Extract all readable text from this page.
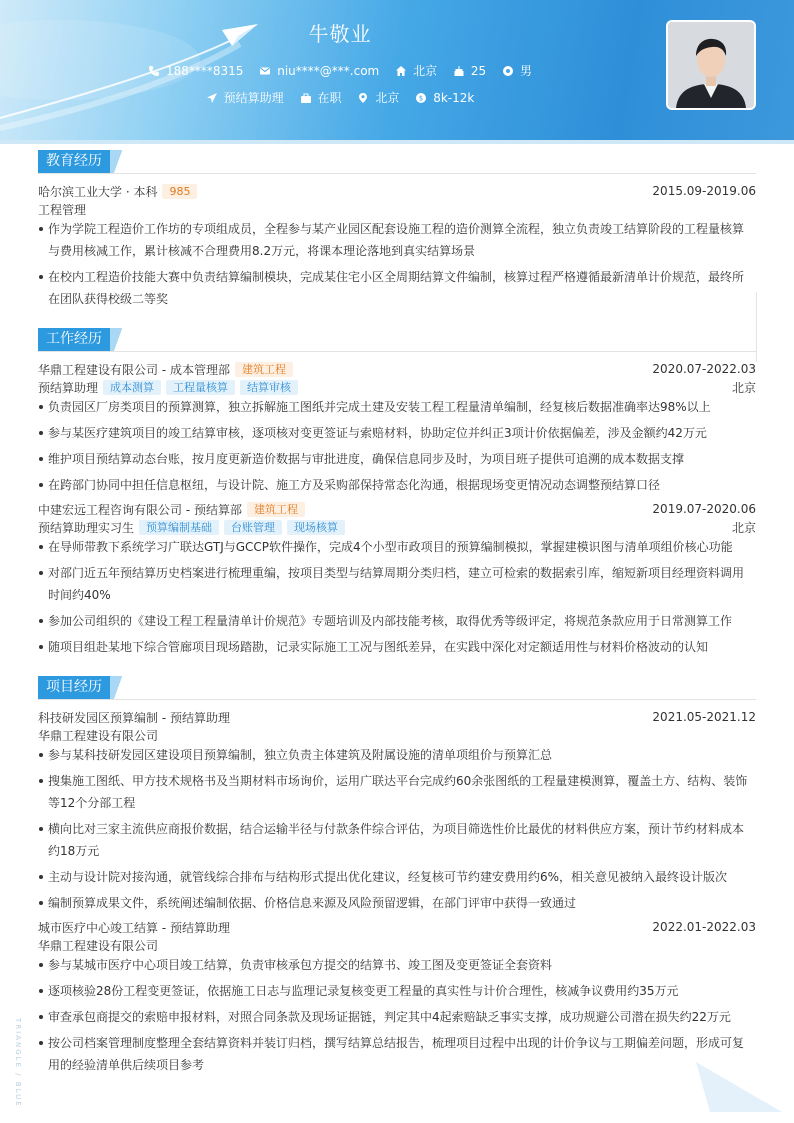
牛敬业
188****8315
	niu****@***.com
	北京
	25
	男
预结算助理
	在职
	北京
	$ 8k-12k
教育经历
哈尔滨工业大学 · 本科	985	2015.09-2019.06
工程管理
作为学院工程造价工作坊的专项组成员，全程参与某产业园区配套设施工程的造价测算全流程，独立负责竣工结算阶段的工程量核算
与费用核减工作，累计核减不合理费用8.2万元，将课本理论落地到真实结算场景
在校内工程造价技能大赛中负责结算编制模块，完成某住宅小区全周期结算文件编制，核算过程严格遵循最新清单计价规范，最终所
在团队获得校级二等奖
工作经历
华鼎工程建设有限公司 - 成本管理部	建筑工程	2020.07-2022.03
预结算助理	成本测算	工程量核算	结算审核	北京
负责园区厂房类项目的预算测算，独立拆解施工图纸并完成土建及安装工程工程量清单编制，经复核后数据准确率达98%以上
参与某医疗建筑项目的竣工结算审核，逐项核对变更签证与索赔材料，协助定位并纠正3项计价依据偏差，涉及金额约42万元
维护项目预结算动态台账，按月度更新造价数据与审批进度，确保信息同步及时，为项目班子提供可追溯的成本数据支撑
在跨部门协同中担任信息枢纽，与设计院、施工方及采购部保持常态化沟通，根据现场变更情况动态调整预结算口径
中建宏远工程咨询有限公司 - 预结算部	建筑工程	2019.07-2020.06
预结算助理实习生	预算编制基础	台账管理	现场核算	北京
在导师带教下系统学习广联达GTJ与GCCP软件操作，完成4个小型市政项目的预算编制模拟，掌握建模识图与清单项组价核心功能
对部门近五年预结算历史档案进行梳理重编，按项目类型与结算周期分类归档，建立可检索的数据索引库，缩短新项目经理资料调用
时间约40%
参加公司组织的《建设工程工程量清单计价规范》专题培训及内部技能考核，取得优秀等级评定，将规范条款应用于日常测算工作
随项目组赴某地下综合管廊项目现场踏勘，记录实际施工工况与图纸差异，在实践中深化对定额适用性与材料价格波动的认知
项目经历
科技研发园区预算编制 - 预结算助理	2021.05-2021.12
华鼎工程建设有限公司
参与某科技研发园区建设项目预算编制，独立负责主体建筑及附属设施的清单项组价与预算汇总
搜集施工图纸、甲方技术规格书及当期材料市场询价，运用广联达平台完成约60余张图纸的工程量建模测算，覆盖土方、结构、装饰
等12个分部工程
横向比对三家主流供应商报价数据，结合运输半径与付款条件综合评估，为项目筛选性价比最优的材料供应方案，预计节约材料成本
约18万元
主动与设计院对接沟通，就管线综合排布与结构形式提出优化建议，经复核可节约建安费用约6%，相关意见被纳入最终设计版次
编制预算成果文件，系统阐述编制依据、价格信息来源及风险预留逻辑，在部门评审中获得一致通过
城市医疗中心竣工结算 - 预结算助理	2022.01-2022.03
华鼎工程建设有限公司
参与某城市医疗中心项目竣工结算，负责审核承包方提交的结算书、竣工图及变更签证全套资料
逐项核验28份工程变更签证，依据施工日志与监理记录复核变更工程量的真实性与计价合理性，核减争议费用约35万元
审查承包商提交的索赔申报材料，对照合同条款及现场证据链，判定其中4起索赔缺乏事实支撑，成功规避公司潜在损失约22万元
按公司档案管理制度整理全套结算资料并装订归档，撰写结算总结报告，梳理项目过程中出现的计价争议与工期偏差问题，形成可复
用的经验清单供后续项目参考
TRIANGLE / BLUE
